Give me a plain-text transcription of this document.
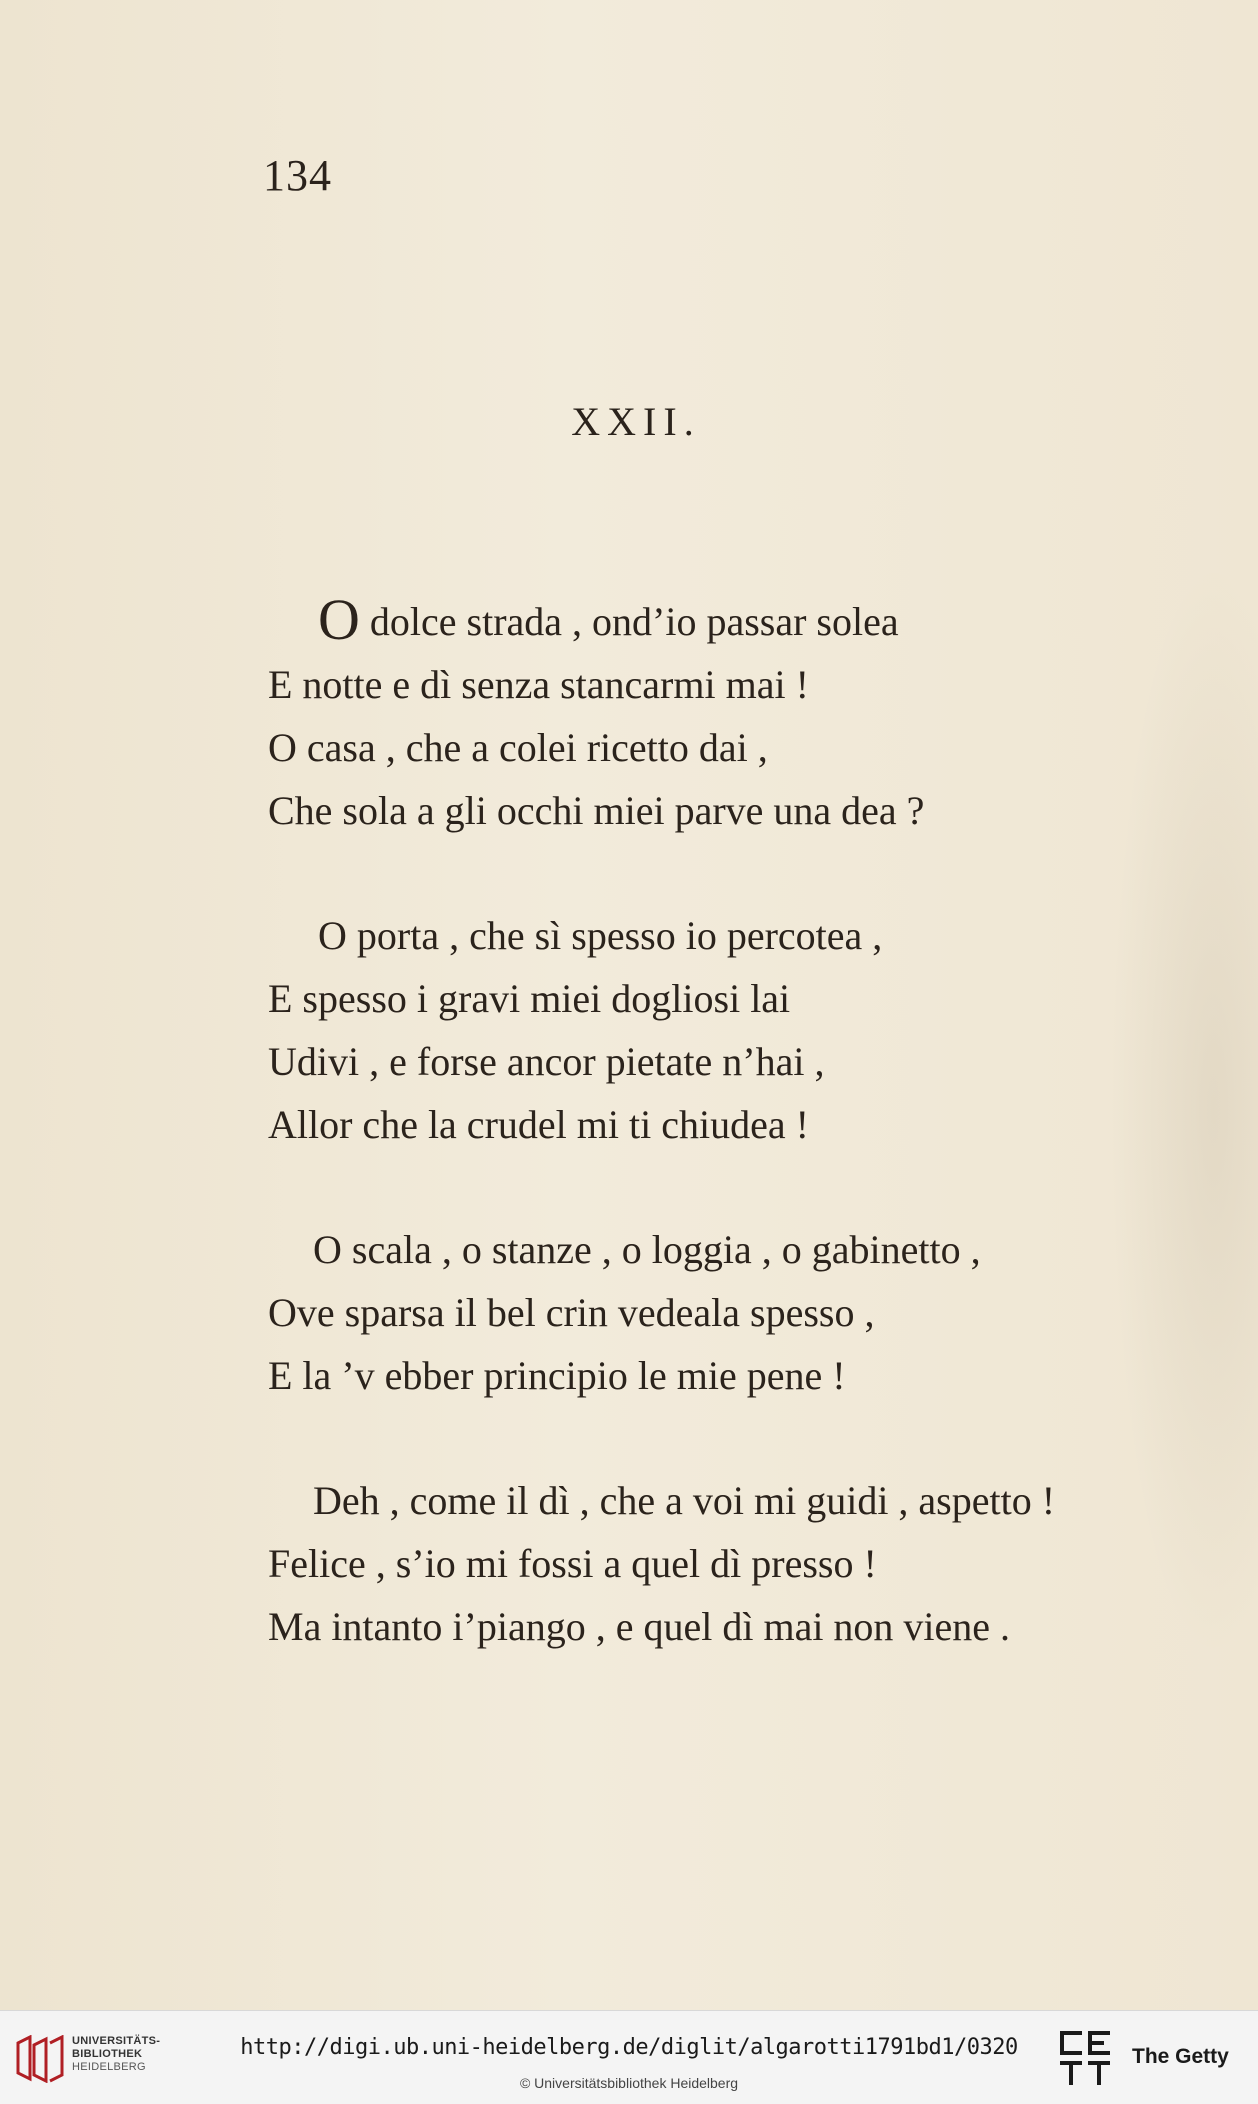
134
XXII.
O dolce strada , ond’io passar solea
E notte e dì senza stancarmi mai !
O casa , che a colei ricetto dai ,
Che sola a gli occhi miei parve una dea ?
O porta , che sì spesso io percotea ,
E spesso i gravi miei dogliosi lai
Udivi , e forse ancor pietate n’hai ,
Allor che la crudel mi ti chiudea !
O scala , o stanze , o loggia , o gabinetto ,
Ove sparsa il bel crin vedeala spesso ,
E la ’v ebber principio le mie pene !
Deh , come il dì , che a voi mi guidi , aspetto !
Felice , s’io mi fossi a quel dì presso !
Ma intanto i’piango , e quel dì mai non viene .
UNIVERSITÄTS-
BIBLIOTHEK
HEIDELBERG
http://digi.ub.uni-heidelberg.de/diglit/algarotti1791bd1/0320
© Universitätsbibliothek Heidelberg
The Getty
